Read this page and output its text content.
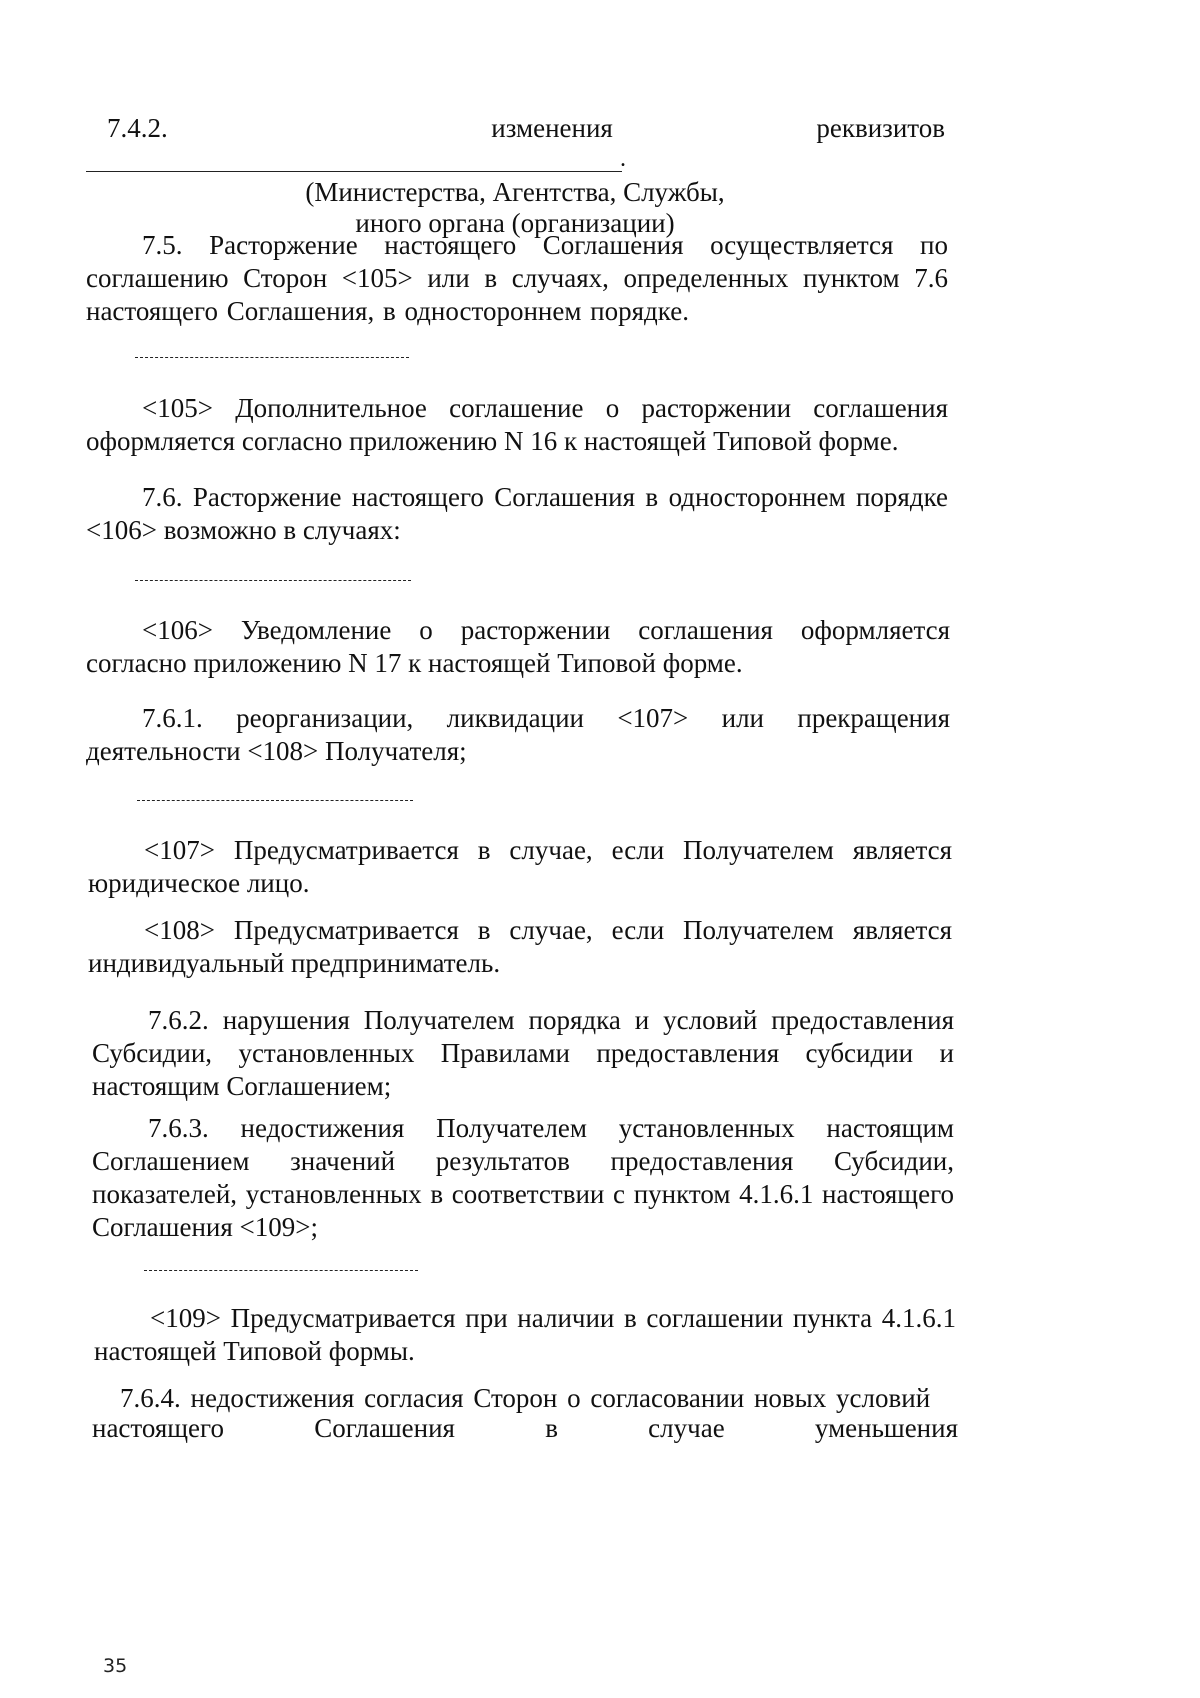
7.4.2.	изменения	реквизитов
.
(Министерства, Агентства, Службы,
иного органа (организации)

7.5. Расторжение настоящего Соглашения осуществляется по соглашению Сторон <105> или в случаях, определенных пунктом 7.6 настоящего Соглашения, в одностороннем порядке.

<105> Дополнительное соглашение о расторжении соглашения оформляется согласно приложению N 16 к настоящей Типовой форме.

7.6. Расторжение настоящего Соглашения в одностороннем порядке <106> возможно в случаях:

<106> Уведомление о расторжении соглашения оформляется согласно приложению N 17 к настоящей Типовой форме.

7.6.1. реорганизации, ликвидации <107> или прекращения деятельности <108> Получателя;

<107> Предусматривается в случае, если Получателем является юридическое лицо.

<108> Предусматривается в случае, если Получателем является индивидуальный предприниматель.

7.6.2. нарушения Получателем порядка и условий предоставления Субсидии, установленных Правилами предоставления субсидии и настоящим Соглашением;

7.6.3. недостижения Получателем установленных настоящим Соглашением значений результатов предоставления Субсидии, показателей, установленных в соответствии с пунктом 4.1.6.1 настоящего Соглашения <109>;

<109> Предусматривается при наличии в соглашении пункта 4.1.6.1 настоящей Типовой формы.

7.6.4. недостижения согласия Сторон о согласовании новых условий
настоящего	Соглашения	в	случае	уменьшения
35
